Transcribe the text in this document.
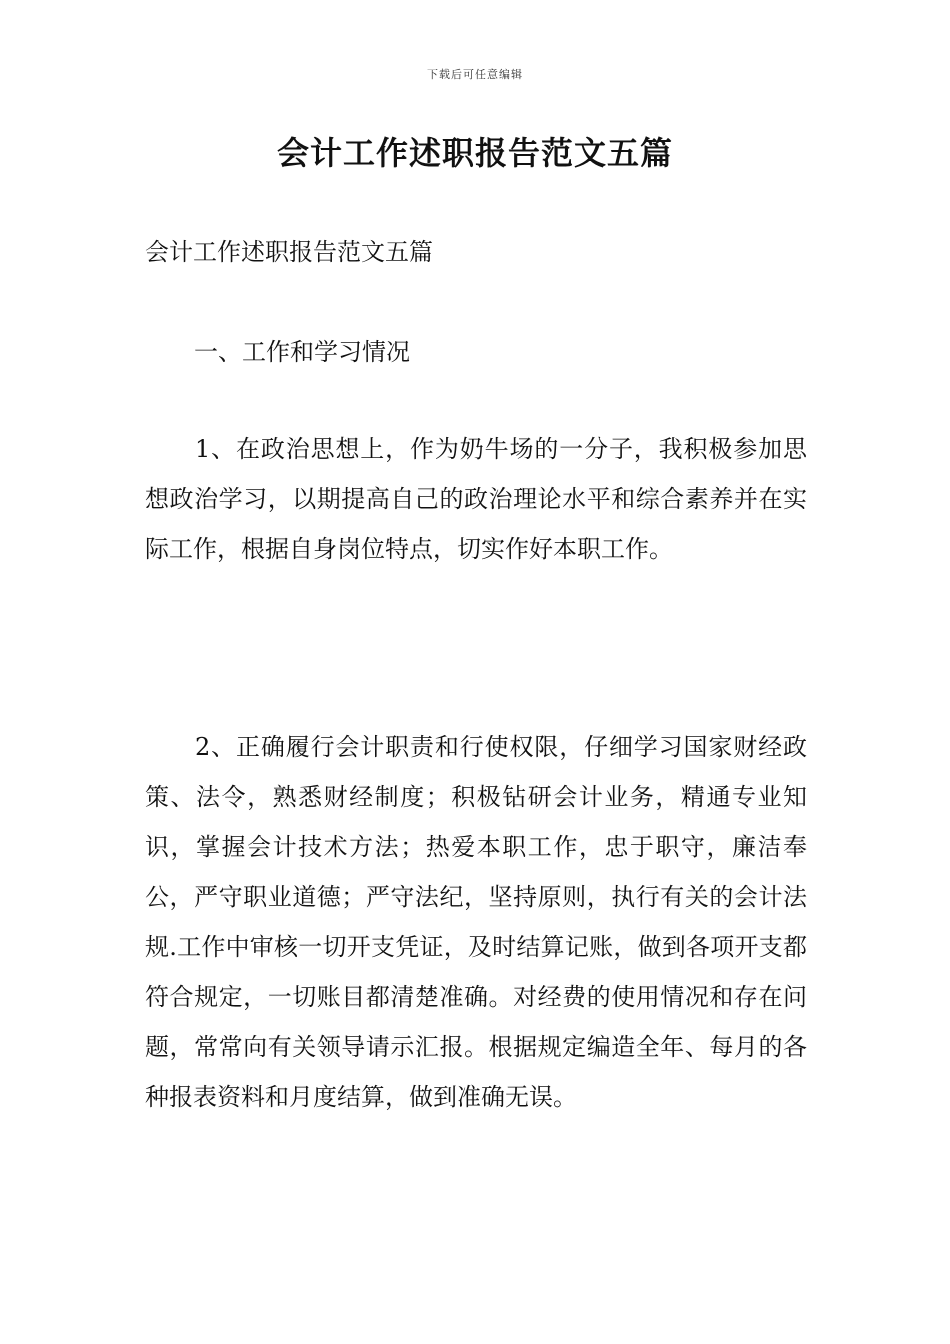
下载后可任意编辑
会计工作述职报告范文五篇

会计工作述职报告范文五篇

一、工作和学习情况

1、在政治思想上，作为奶牛场的一分子，我积极参加思想政治学习，以期提高自己的政治理论水平和综合素养并在实际工作，根据自身岗位特点，切实作好本职工作。

2、正确履行会计职责和行使权限，仔细学习国家财经政策、法令，熟悉财经制度；积极钻研会计业务，精通专业知识，掌握会计技术方法；热爱本职工作，忠于职守，廉洁奉公，严守职业道德；严守法纪，坚持原则，执行有关的会计法规.工作中审核一切开支凭证，及时结算记账，做到各项开支都符合规定，一切账目都清楚准确。对经费的使用情况和存在问题，常常向有关领导请示汇报。根据规定编造全年、每月的各种报表资料和月度结算，做到准确无误。
